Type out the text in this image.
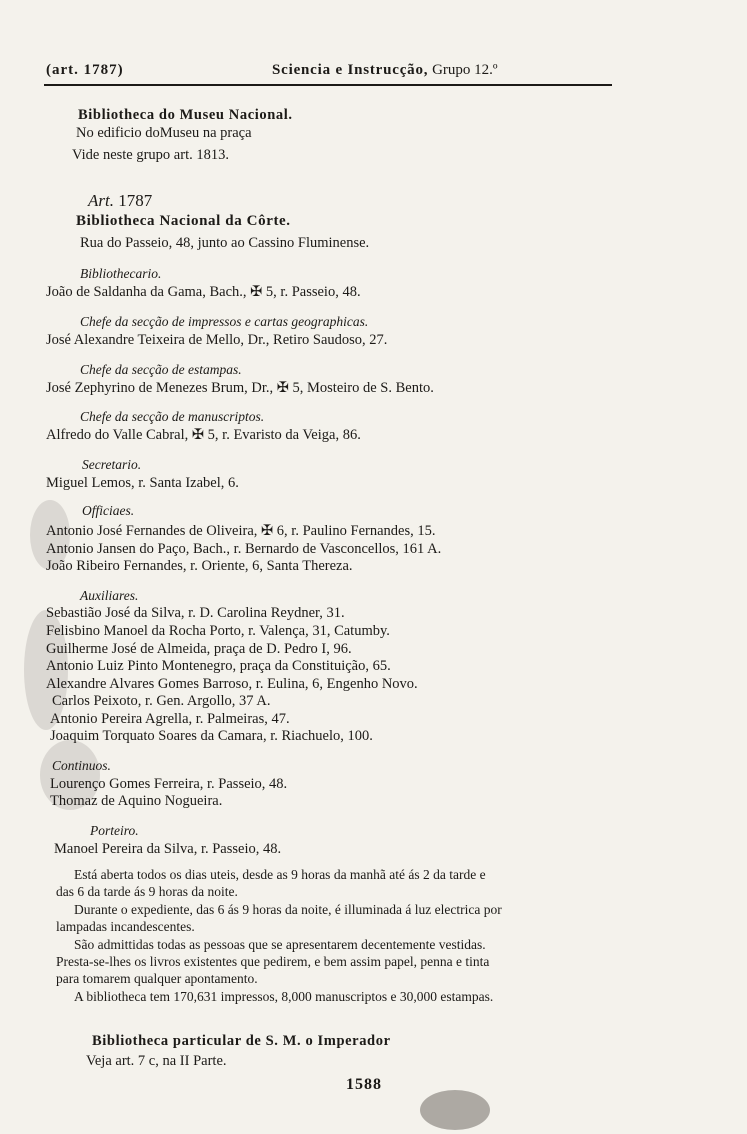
(art. 1787)	Sciencia e Instrucção, Grupo 12.º
Bibliotheca do Museu Nacional.
No edificio doMuseu na praça
Vide neste grupo art. 1813.
Art. 1787
Bibliotheca Nacional da Côrte.
Rua do Passeio, 48, junto ao Cassino Fluminense.
Bibliothecario.
João de Saldanha da Gama, Bach., ✠ 5, r. Passeio, 48.
Chefe da secção de impressos e cartas geographicas.
José Alexandre Teixeira de Mello, Dr., Retiro Saudoso, 27.
Chefe da secção de estampas.
José Zephyrino de Menezes Brum, Dr., ✠ 5, Mosteiro de S. Bento.
Chefe da secção de manuscriptos.
Alfredo do Valle Cabral, ✠ 5, r. Evaristo da Veiga, 86.
Secretario.
Miguel Lemos, r. Santa Izabel, 6.
Officiaes.
Antonio José Fernandes de Oliveira, ✠ 6, r. Paulino Fernandes, 15.
Antonio Jansen do Paço, Bach., r. Bernardo de Vasconcellos, 161 A.
João Ribeiro Fernandes, r. Oriente, 6, Santa Thereza.
Auxiliares.
Sebastião José da Silva, r. D. Carolina Reydner, 31.
Felisbino Manoel da Rocha Porto, r. Valença, 31, Catumby.
Guilherme José de Almeida, praça de D. Pedro I, 96.
Antonio Luiz Pinto Montenegro, praça da Constituição, 65.
Alexandre Alvares Gomes Barroso, r. Eulina, 6, Engenho Novo.
Carlos Peixoto, r. Gen. Argollo, 37 A.
Antonio Pereira Agrella, r. Palmeiras, 47.
Joaquim Torquato Soares da Camara, r. Riachuelo, 100.
Continuos.
Lourenço Gomes Ferreira, r. Passeio, 48.
Thomaz de Aquino Nogueira.
Porteiro.
Manoel Pereira da Silva, r. Passeio, 48.
Está aberta todos os dias uteis, desde as 9 horas da manhã até ás 2 da tarde e
das 6 da tarde ás 9 horas da noite.
Durante o expediente, das 6 ás 9 horas da noite, é illuminada á luz electrica por
lampadas incandescentes.
São admittidas todas as pessoas que se apresentarem decentemente vestidas.
Presta-se-lhes os livros existentes que pedirem, e bem assim papel, penna e tinta
para tomarem qualquer apontamento.
A bibliotheca tem 170,631 impressos, 8,000 manuscriptos e 30,000 estampas.
Bibliotheca particular de S. M. o Imperador
Veja art. 7 c, na II Parte.
1588
